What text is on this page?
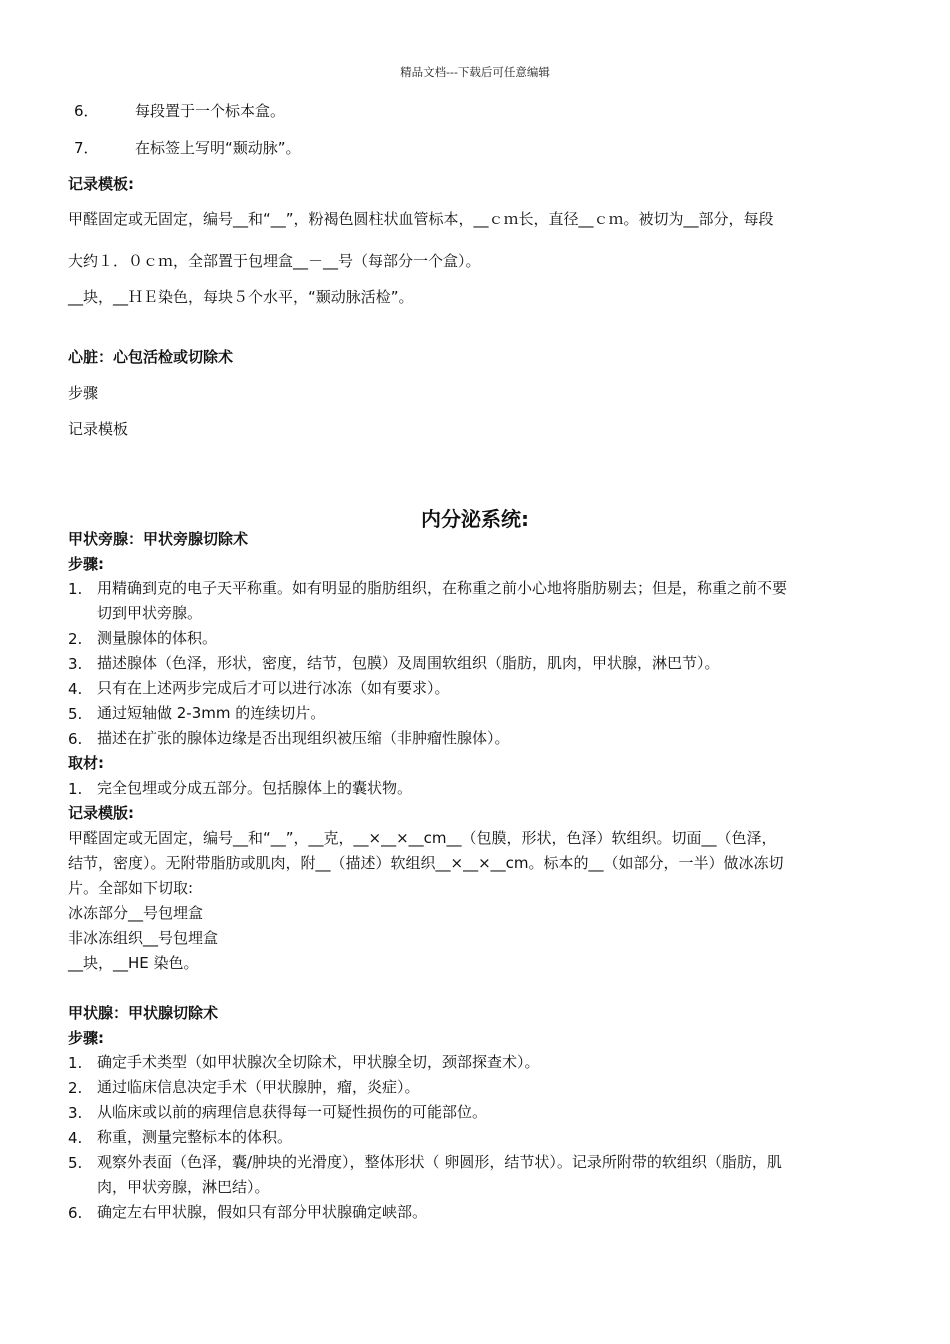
精品文档---下载后可任意编辑
6． 每段置于一个标本盒。
7． 在标签上写明“颞动脉”。
记录模板:
甲醛固定或无固定，编号__和“__”，粉褐色圆柱状血管标本，__ｃｍ长，直径__ｃｍ。被切为__部分，每段
大约１．０ｃｍ，全部置于包埋盒__－__号（每部分一个盒）。
__块，__ＨＥ染色，每块５个水平，“颞动脉活检”。
心脏：心包活检或切除术
步骤
记录模板
内分泌系统:
甲状旁腺：甲状旁腺切除术
步骤:
1. 用精确到克的电子天平称重。如有明显的脂肪组织，在称重之前小心地将脂肪剔去；但是，称重之前不要
切到甲状旁腺。
2. 测量腺体的体积。
3. 描述腺体（色泽，形状，密度，结节，包膜）及周围软组织（脂肪，肌肉，甲状腺，淋巴节）。
4. 只有在上述两步完成后才可以进行冰冻（如有要求）。
5. 通过短轴做 2-3mm 的连续切片。
6. 描述在扩张的腺体边缘是否出现组织被压缩（非肿瘤性腺体）。
取材:
1. 完全包埋或分成五部分。包括腺体上的囊状物。
记录模版:
甲醛固定或无固定，编号__和“__”，__克，__×__×__cm__（包膜，形状，色泽）软组织。切面__（色泽，
结节，密度）。无附带脂肪或肌肉，附__（描述）软组织__×__×__cm。标本的__（如部分，一半）做冰冻切
片。全部如下切取:
冰冻部分__号包埋盒
非冰冻组织__号包埋盒
__块，__HE 染色。
甲状腺：甲状腺切除术
步骤:
1. 确定手术类型（如甲状腺次全切除术，甲状腺全切，颈部探查术）。
2. 通过临床信息决定手术（甲状腺肿，瘤，炎症）。
3. 从临床或以前的病理信息获得每一可疑性损伤的可能部位。
4. 称重，测量完整标本的体积。
5. 观察外表面（色泽，囊/肿块的光滑度），整体形状（ 卵圆形，结节状）。记录所附带的软组织（脂肪，肌
肉，甲状旁腺，淋巴结）。
6. 确定左右甲状腺，假如只有部分甲状腺确定峡部。
